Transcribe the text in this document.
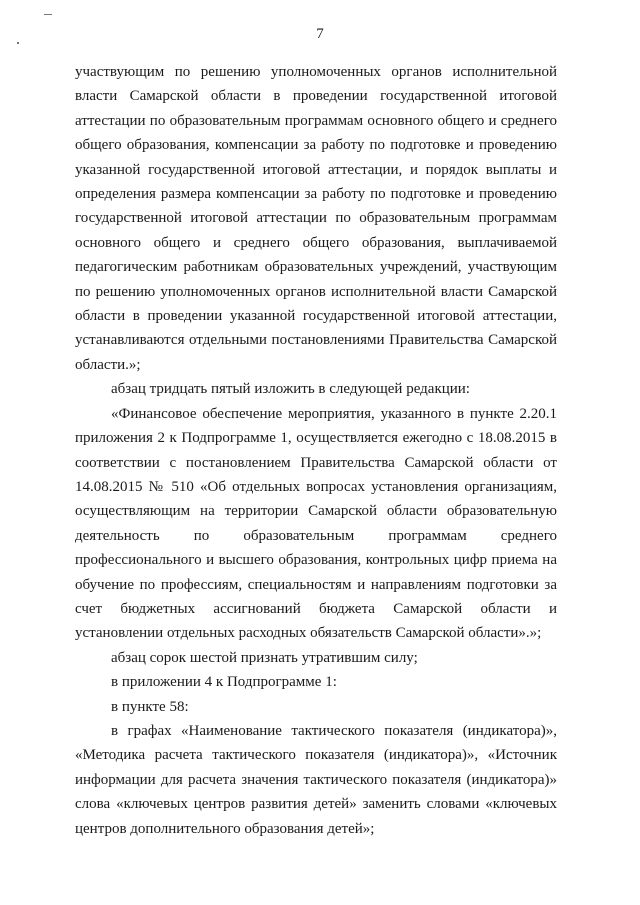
7

участвующим по решению уполномоченных органов исполнительной власти Самарской области в проведении государственной итоговой аттестации по образовательным программам основного общего и среднего общего образования, компенсации за работу по подготовке и проведению указанной государственной итоговой аттестации, и порядок выплаты и определения размера компенсации за работу по подготовке и проведению государственной итоговой аттестации по образовательным программам основного общего и среднего общего образования, выплачиваемой педагогическим работникам образовательных учреждений, участвующим по решению уполномоченных органов исполнительной власти Самарской области в проведении указанной государственной итоговой аттестации, устанавливаются отдельными постановлениями Правительства Самарской области.»;

абзац тридцать пятый изложить в следующей редакции:

«Финансовое обеспечение мероприятия, указанного в пункте 2.20.1 приложения 2 к Подпрограмме 1, осуществляется ежегодно с 18.08.2015 в соответствии с постановлением Правительства Самарской области от 14.08.2015 № 510 «Об отдельных вопросах установления организациям, осуществляющим на территории Самарской области образовательную деятельность по образовательным программам среднего профессионального и высшего образования, контрольных цифр приема на обучение по профессиям, специальностям и направлениям подготовки за счет бюджетных ассигнований бюджета Самарской области и установлении отдельных расходных обязательств Самарской области».»;

абзац сорок шестой признать утратившим силу;

в приложении 4 к Подпрограмме 1:

в пункте 58:

в графах «Наименование тактического показателя (индикатора)», «Методика расчета тактического показателя (индикатора)», «Источник информации для расчета значения тактического показателя (индикатора)» слова «ключевых центров развития детей» заменить словами «ключевых центров дополнительного образования детей»;
